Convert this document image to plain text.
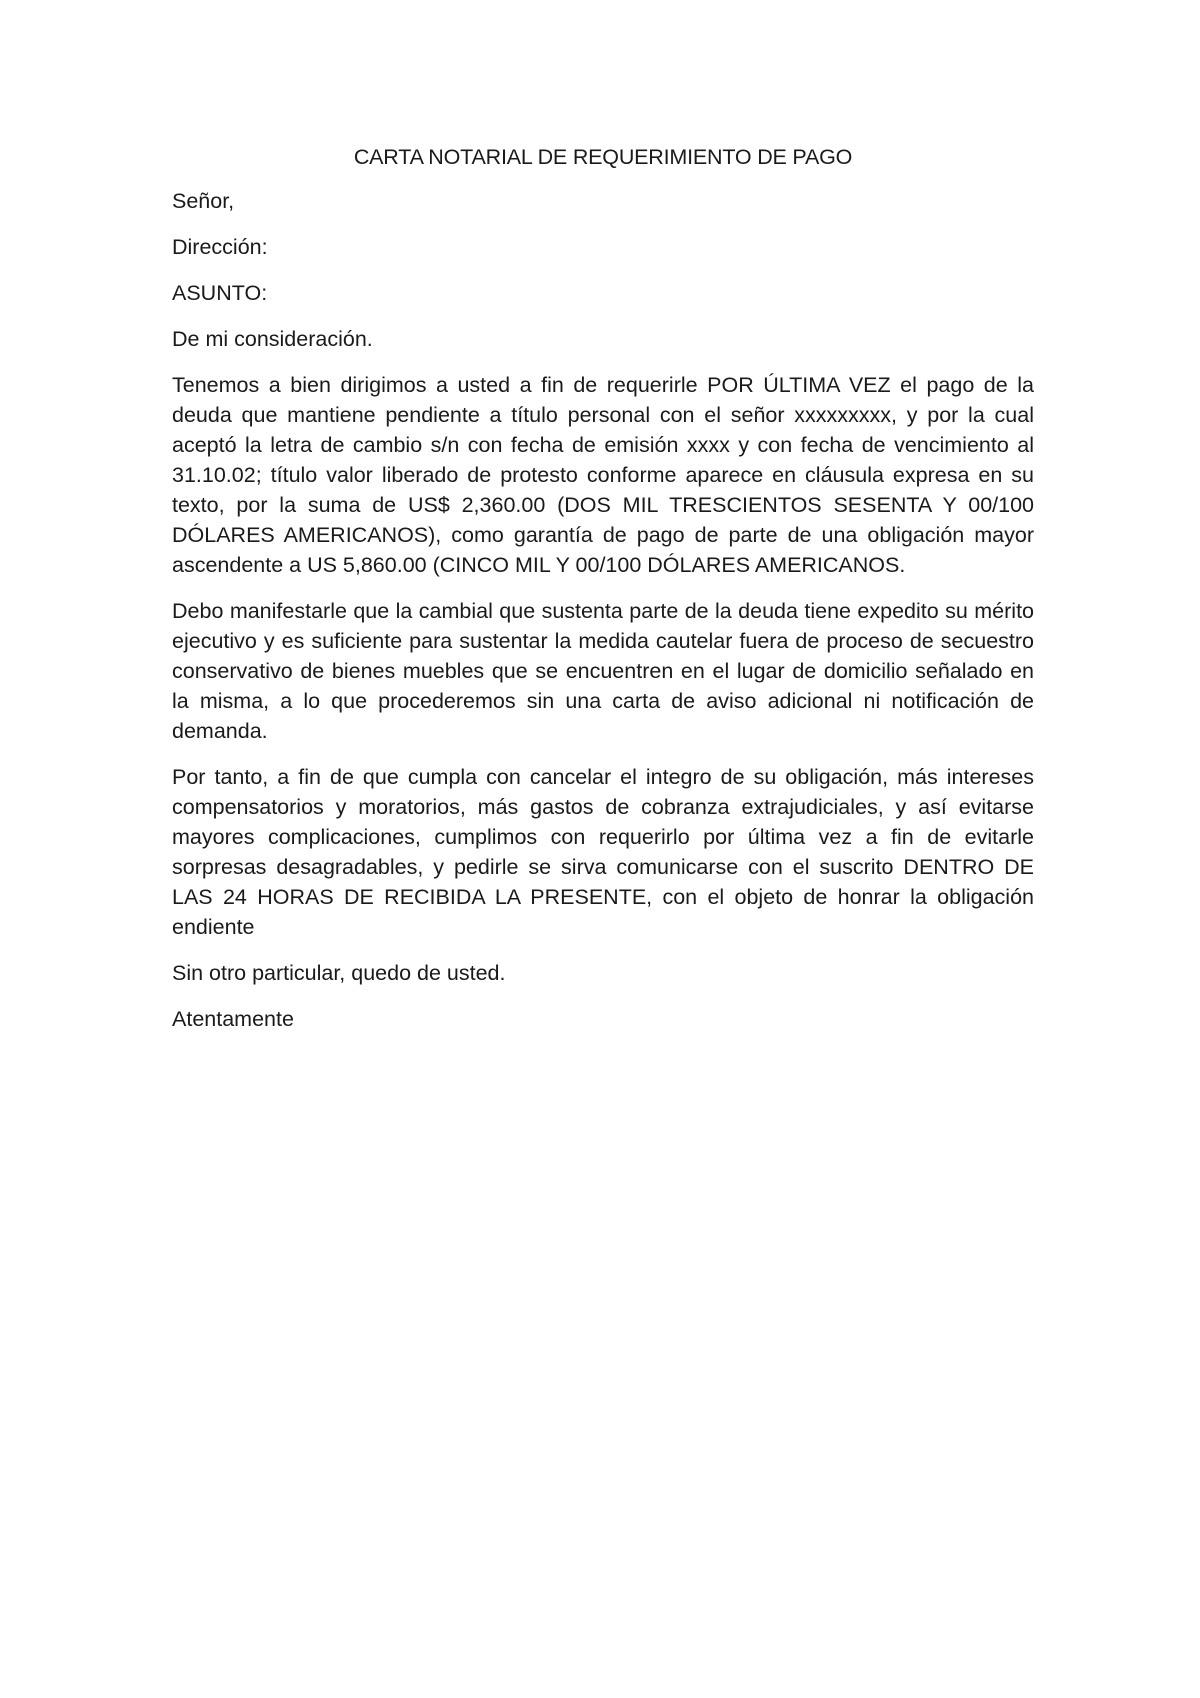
CARTA NOTARIAL DE REQUERIMIENTO DE PAGO
Señor,
Dirección:
ASUNTO:
De mi consideración.
Tenemos a bien dirigimos a usted a fin de requerirle POR ÚLTIMA VEZ el pago de la deuda que mantiene pendiente a título personal con el señor xxxxxxxxx, y por la cual aceptó la letra de cambio s/n con fecha de emisión xxxx y con fecha de vencimiento al 31.10.02; título valor liberado de protesto conforme aparece en cláusula expresa en su texto, por la suma de US$ 2,360.00 (DOS MIL TRESCIENTOS SESENTA Y 00/100 DÓLARES AMERICANOS), como garantía de pago de parte de una obligación mayor ascendente a US 5,860.00 (CINCO MIL Y 00/100 DÓLARES AMERICANOS.
Debo manifestarle que la cambial que sustenta parte de la deuda tiene expedito su mérito ejecutivo y es suficiente para sustentar la medida cautelar fuera de proceso de secuestro conservativo de bienes muebles que se encuentren en el lugar de domicilio señalado en la misma, a lo que procederemos sin una carta de aviso adicional ni notificación de demanda.
Por tanto, a fin de que cumpla con cancelar el integro de su obligación, más intereses compensatorios y moratorios, más gastos de cobranza extrajudiciales, y así evitarse mayores complicaciones, cumplimos con requerirlo por última vez a fin de evitarle sorpresas desagradables, y pedirle se sirva comunicarse con el suscrito DENTRO DE LAS 24 HORAS DE RECIBIDA LA PRESENTE, con el objeto de honrar la obligación endiente
Sin otro particular, quedo de usted.
Atentamente
